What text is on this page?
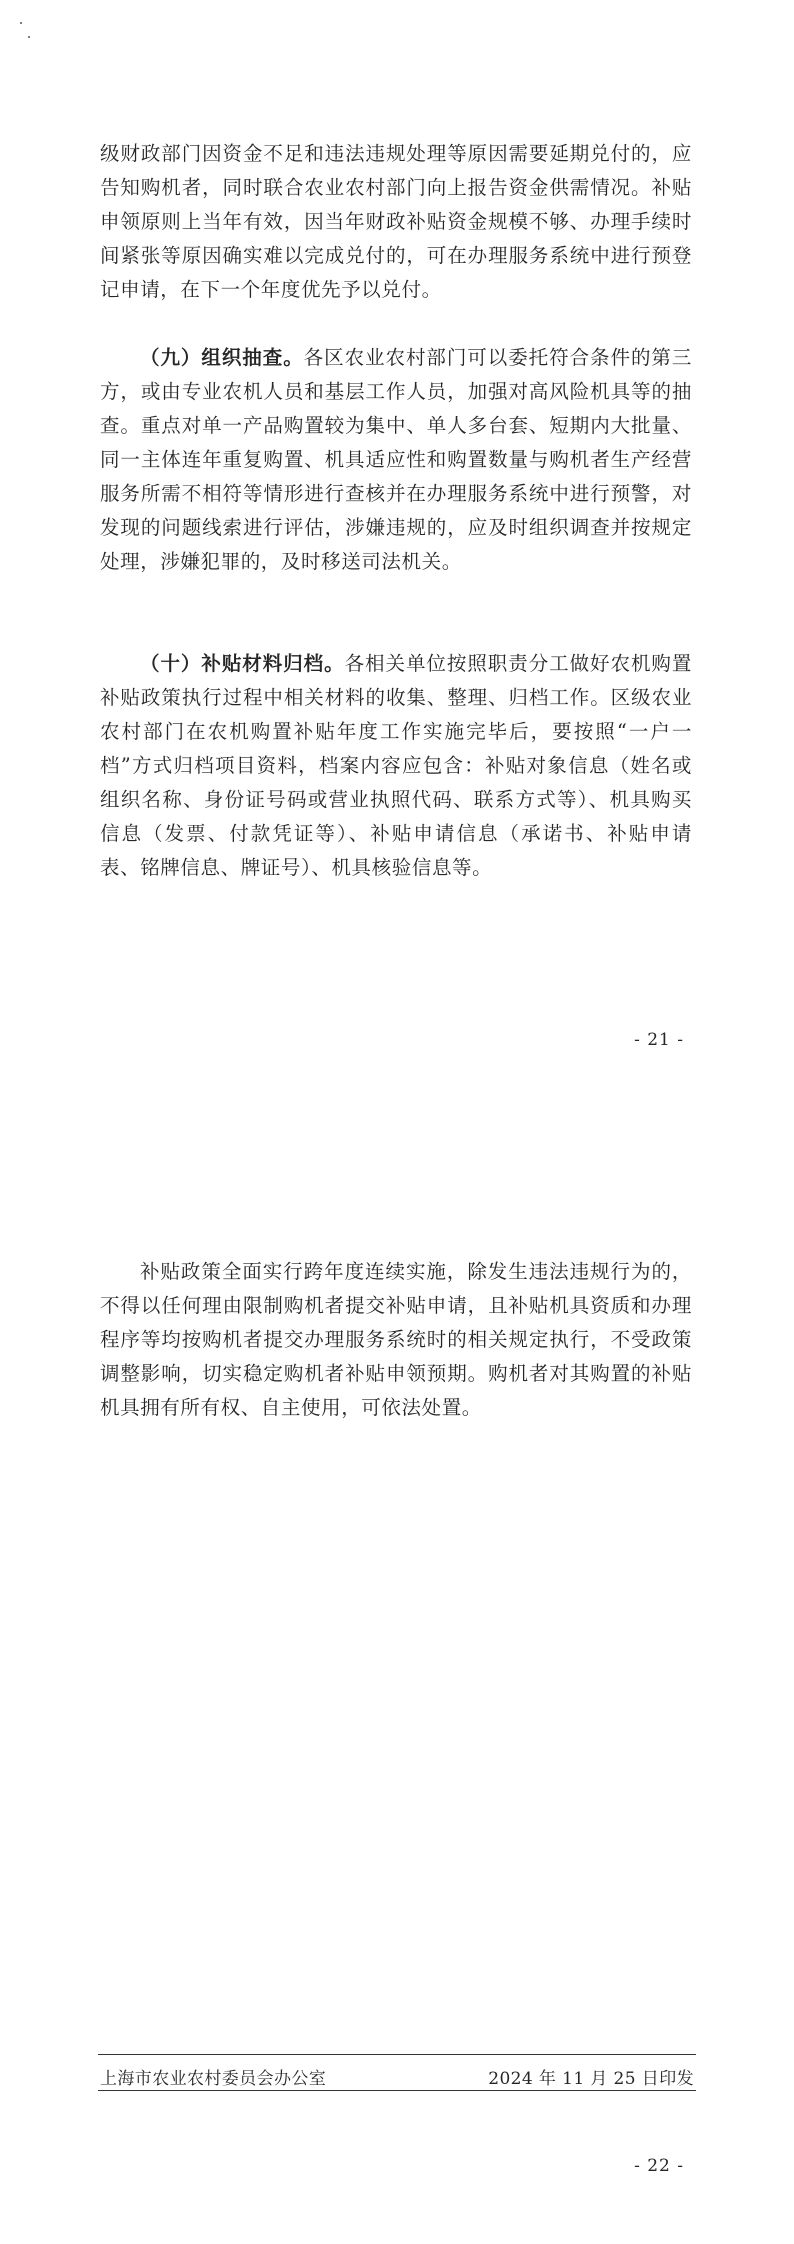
级财政部门因资金不足和违法违规处理等原因需要延期兑付的，应告知购机者，同时联合农业农村部门向上报告资金供需情况。补贴申领原则上当年有效，因当年财政补贴资金规模不够、办理手续时间紧张等原因确实难以完成兑付的，可在办理服务系统中进行预登记申请，在下一个年度优先予以兑付。

（九）组织抽查。各区农业农村部门可以委托符合条件的第三方，或由专业农机人员和基层工作人员，加强对高风险机具等的抽查。重点对单一产品购置较为集中、单人多台套、短期内大批量、同一主体连年重复购置、机具适应性和购置数量与购机者生产经营服务所需不相符等情形进行查核并在办理服务系统中进行预警，对发现的问题线索进行评估，涉嫌违规的，应及时组织调查并按规定处理，涉嫌犯罪的，及时移送司法机关。

（十）补贴材料归档。各相关单位按照职责分工做好农机购置补贴政策执行过程中相关材料的收集、整理、归档工作。区级农业农村部门在农机购置补贴年度工作实施完毕后，要按照“一户一档”方式归档项目资料，档案内容应包含：补贴对象信息（姓名或组织名称、身份证号码或营业执照代码、联系方式等）、机具购买信息（发票、付款凭证等）、补贴申请信息（承诺书、补贴申请表、铭牌信息、牌证号）、机具核验信息等。

- 21 -

补贴政策全面实行跨年度连续实施，除发生违法违规行为的，不得以任何理由限制购机者提交补贴申请，且补贴机具资质和办理程序等均按购机者提交办理服务系统时的相关规定执行，不受政策调整影响，切实稳定购机者补贴申领预期。购机者对其购置的补贴机具拥有所有权、自主使用，可依法处置。

上海市农业农村委员会办公室	2024 年 11 月 25 日印发
- 22 -
